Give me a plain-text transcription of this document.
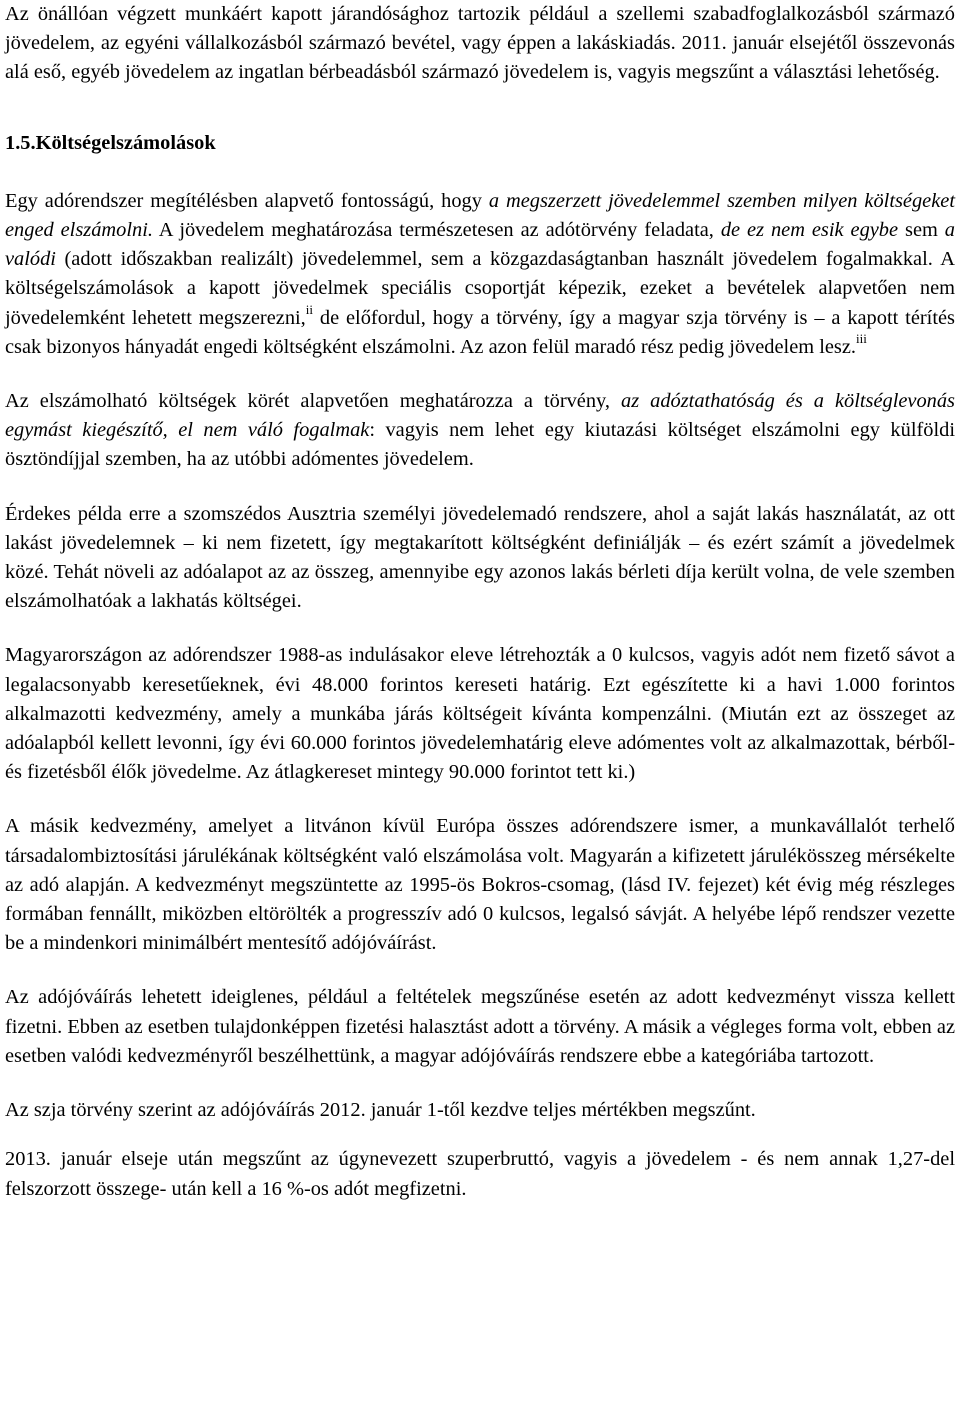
Az önállóan végzett munkáért kapott járandósághoz tartozik például a szellemi szabadfoglalkozásból származó jövedelem, az egyéni vállalkozásból származó bevétel, vagy éppen a lakáskiadás. 2011. január elsejétől összevonás alá eső, egyéb jövedelem az ingatlan bérbeadásból származó jövedelem is, vagyis megszűnt a választási lehetőség.

1.5.Költségelszámolások

Egy adórendszer megítélésben alapvető fontosságú, hogy a megszerzett jövedelemmel szemben milyen költségeket enged elszámolni. A jövedelem meghatározása természetesen az adótörvény feladata, de ez nem esik egybe sem a valódi (adott időszakban realizált) jövedelemmel, sem a közgazdaságtanban használt jövedelem fogalmakkal. A költségelszámolások a kapott jövedelmek speciális csoportját képezik, ezeket a bevételek alapvetően nem jövedelemként lehetett megszerezni,$^{ii}$ de előfordul, hogy a törvény, így a magyar szja törvény is – a kapott térítés csak bizonyos hányadát engedi költségként elszámolni. Az azon felül maradó rész pedig jövedelem lesz.$^{iii}$

Az elszámolható költségek körét alapvetően meghatározza a törvény, az adóztathatóság és a költséglevonás egymást kiegészítő, el nem váló fogalmak: vagyis nem lehet egy kiutazási költséget elszámolni egy külföldi ösztöndíjjal szemben, ha az utóbbi adómentes jövedelem.

Érdekes példa erre a szomszédos Ausztria személyi jövedelemadó rendszere, ahol a saját lakás használatát, az ott lakást jövedelemnek – ki nem fizetett, így megtakarított költségként definiálják – és ezért számít a jövedelmek közé. Tehát növeli az adóalapot az az összeg, amennyibe egy azonos lakás bérleti díja került volna, de vele szemben elszámolhatóak a lakhatás költségei.

Magyarországon az adórendszer 1988-as indulásakor eleve létrehozták a 0 kulcsos, vagyis adót nem fizető sávot a legalacsonyabb keresetűeknek, évi 48.000 forintos kereseti határig. Ezt egészítette ki a havi 1.000 forintos alkalmazotti kedvezmény, amely a munkába járás költségeit kívánta kompenzálni. (Miután ezt az összeget az adóalapból kellett levonni, így évi 60.000 forintos jövedelemhatárig eleve adómentes volt az alkalmazottak, bérből- és fizetésből élők jövedelme. Az átlagkereset mintegy 90.000 forintot tett ki.)

A másik kedvezmény, amelyet a litvánon kívül Európa összes adórendszere ismer, a munkavállalót terhelő társadalombiztosítási járulékának költségként való elszámolása volt. Magyarán a kifizetett járulékösszeg mérsékelte az adó alapján. A kedvezményt megszüntette az 1995-ös Bokros-csomag, (lásd IV. fejezet) két évig még részleges formában fennállt, miközben eltörölték a progresszív adó 0 kulcsos, legalsó sávját. A helyébe lépő rendszer vezette be a mindenkori minimálbért mentesítő adójóváírást.

Az adójóváírás lehetett ideiglenes, például a feltételek megszűnése esetén az adott kedvezményt vissza kellett fizetni. Ebben az esetben tulajdonképpen fizetési halasztást adott a törvény. A másik a végleges forma volt, ebben az esetben valódi kedvezményről beszélhettünk, a magyar adójóváírás rendszere ebbe a kategóriába tartozott.

Az szja törvény szerint az adójóváírás 2012. január 1-től kezdve teljes mértékben megszűnt.

2013. január elseje után megszűnt az úgynevezett szuperbruttó, vagyis a jövedelem - és nem annak 1,27-del felszorzott összege- után kell a 16 %-os adót megfizetni.
